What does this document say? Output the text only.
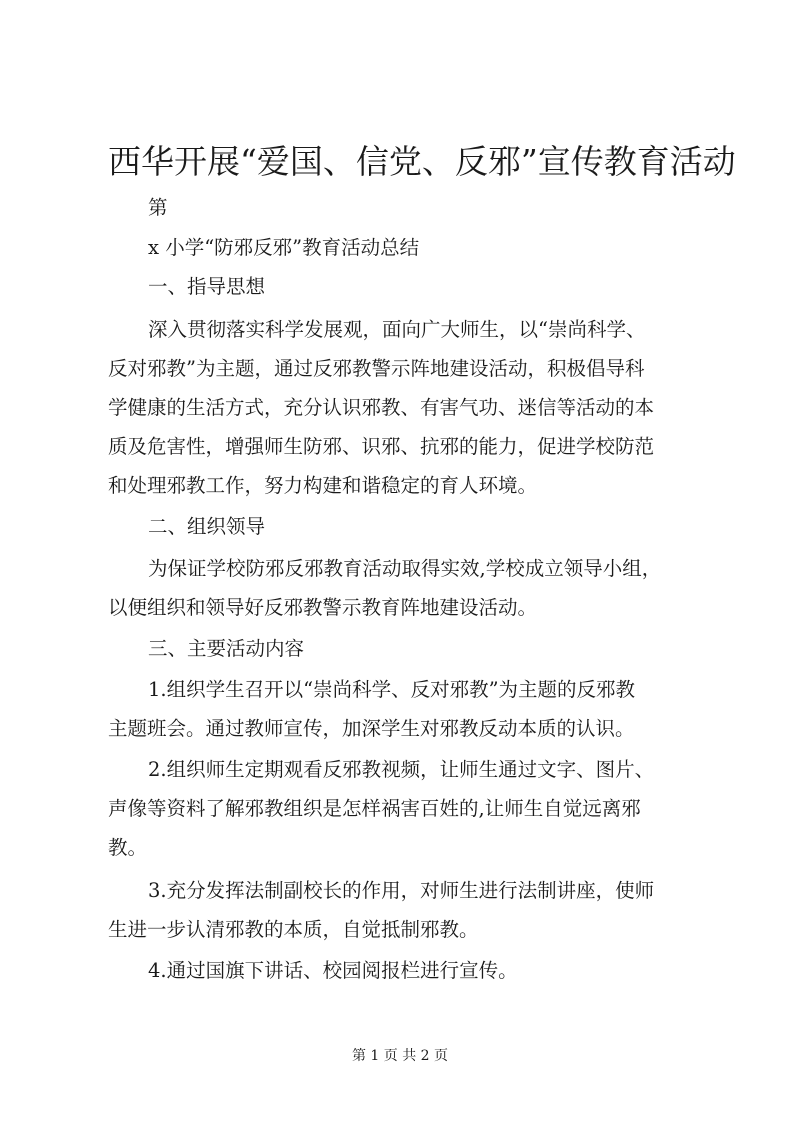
西华开展“爱国、信党、反邪”宣传教育活动

第

x 小学“防邪反邪”教育活动总结

一、指导思想

深入贯彻落实科学发展观，面向广大师生，以“崇尚科学、

反对邪教”为主题，通过反邪教警示阵地建设活动，积极倡导科

学健康的生活方式，充分认识邪教、有害气功、迷信等活动的本

质及危害性，增强师生防邪、识邪、抗邪的能力，促进学校防范

和处理邪教工作，努力构建和谐稳定的育人环境。

二、组织领导

为保证学校防邪反邪教育活动取得实效,学校成立领导小组，

以便组织和领导好反邪教警示教育阵地建设活动。

三、主要活动内容

1.组织学生召开以“崇尚科学、反对邪教”为主题的反邪教

主题班会。通过教师宣传，加深学生对邪教反动本质的认识。

2.组织师生定期观看反邪教视频，让师生通过文字、图片、

声像等资料了解邪教组织是怎样祸害百姓的,让师生自觉远离邪

教。

3.充分发挥法制副校长的作用，对师生进行法制讲座，使师

生进一步认清邪教的本质，自觉抵制邪教。

4.通过国旗下讲话、校园阅报栏进行宣传。

第 1 页 共 2 页
